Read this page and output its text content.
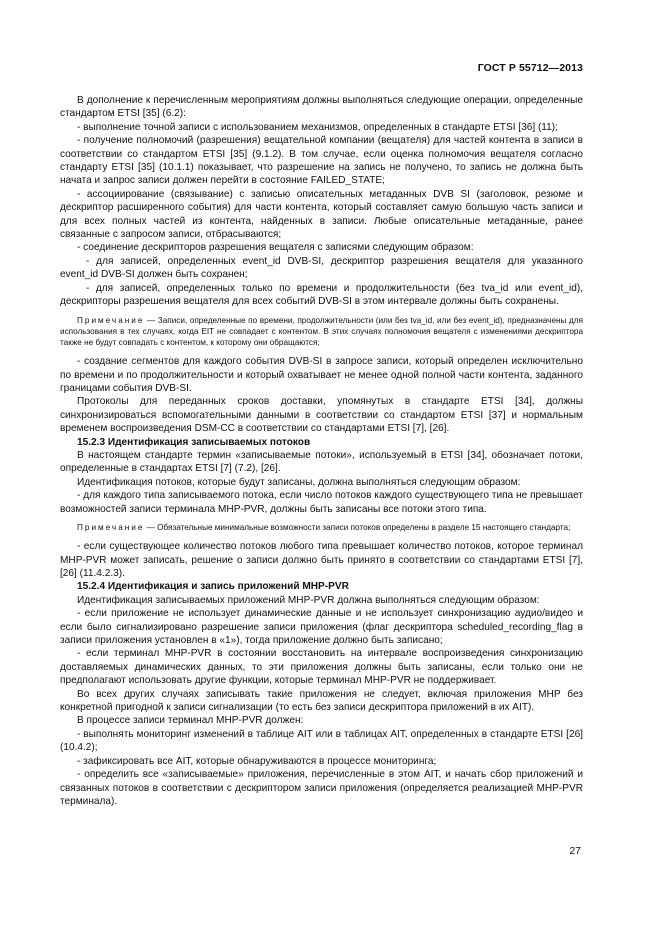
ГОСТ Р 55712—2013

В дополнение к перечисленным мероприятиям должны выполняться следующие операции, определенные стандартом ETSI [35] (6.2):

- выполнение точной записи с использованием механизмов, определенных в стандарте ETSI [36] (11);

- получение полномочий (разрешения) вещательной компании (вещателя) для частей контента в записи в соответствии со стандартом ETSI [35] (9.1.2). В том случае, если оценка полномочия вещателя согласно стандарту ETSI [35] (10.1.1) показывает, что разрешение на запись не получено, то запись не должна быть начата и запрос записи должен перейти в состояние FAILED_STATE;

- ассоциирование (связывание) с записью описательных метаданных DVB SI (заголовок, резюме и дескриптор расширенного события) для части контента, который составляет самую большую часть записи и для всех полных частей из контента, найденных в записи. Любые описательные метаданные, ранее связанные с запросом записи, отбрасываются;

- соединение дескрипторов разрешения вещателя с записями следующим образом:

- для записей, определенных event_id DVB-SI, дескриптор разрешения вещателя для указанного event_id DVB-SI должен быть сохранен;

- для записей, определенных только по времени и продолжительности (без tva_id или event_id), дескрипторы разрешения вещателя для всех событий DVB-SI в этом интервале должны быть сохранены.

Примечание — Записи, определенные по времени, продолжительности (или без tva_id, или без event_id), предназначены для использования в тех случаях, когда EIT не совпадает с контентом. В этих случаях полномочия вещателя с изменениями дескриптора также не будут совпадать с контентом, к которому они обращаются;

- создание сегментов для каждого события DVB-SI в запросе записи, который определен исключительно по времени и по продолжительности и который охватывает не менее одной полной части контента, заданного границами события DVB-SI.

Протоколы для переданных сроков доставки, упомянутых в стандарте ETSI [34], должны синхронизироваться вспомогательными данными в соответствии со стандартом ETSI [37] и нормальным временем воспроизведения DSM-CC в соответствии со стандартами ETSI [7], [26].

15.2.3 Идентификация записываемых потоков

В настоящем стандарте термин «записываемые потоки», используемый в ETSI [34], обозначает потоки, определенные в стандартах ETSI [7] (7.2), [26].

Идентификация потоков, которые будут записаны, должна выполняться следующим образом:

- для каждого типа записываемого потока, если число потоков каждого существующего типа не превышает возможностей записи терминала MHP-PVR, должны быть записаны все потоки этого типа.

Примечание — Обязательные минимальные возможности записи потоков определены в разделе 15 настоящего стандарта;

- если существующее количество потоков любого типа превышает количество потоков, которое терминал MHP-PVR может записать, решение о записи должно быть принято в соответствии со стандартами ETSI [7], [26] (11.4.2.3).

15.2.4 Идентификация и запись приложений MHP-PVR

Идентификация записываемых приложений MHP-PVR должна выполняться следующим образом:

- если приложение не использует динамические данные и не использует синхронизацию аудио/видео и если было сигнализировано разрешение записи приложения (флаг дескриптора scheduled_recording_flag в записи приложения установлен в «1»), тогда приложение должно быть записано;

- если терминал MHP-PVR в состоянии восстановить на интервале воспроизведения синхронизацию доставляемых динамических данных, то эти приложения должны быть записаны, если только они не предполагают использовать другие функции, которые терминал MHP-PVR не поддерживает.

Во всех других случаях записывать такие приложения не следует, включая приложения MHP без конкретной пригодной к записи сигнализации (то есть без записи дескриптора приложений в их AIT).

В процессе записи терминал MHP-PVR должен:

- выполнять мониторинг изменений в таблице AIT или в таблицах AIT, определенных в стандарте ETSI [26] (10.4.2);

- зафиксировать все AIT, которые обнаруживаются в процессе мониторинга;

- определить все «записываемые» приложения, перечисленные в этом AIT, и начать сбор приложений и связанных потоков в соответствии с дескриптором записи приложения (определяется реализацией MHP-PVR терминала).

27
